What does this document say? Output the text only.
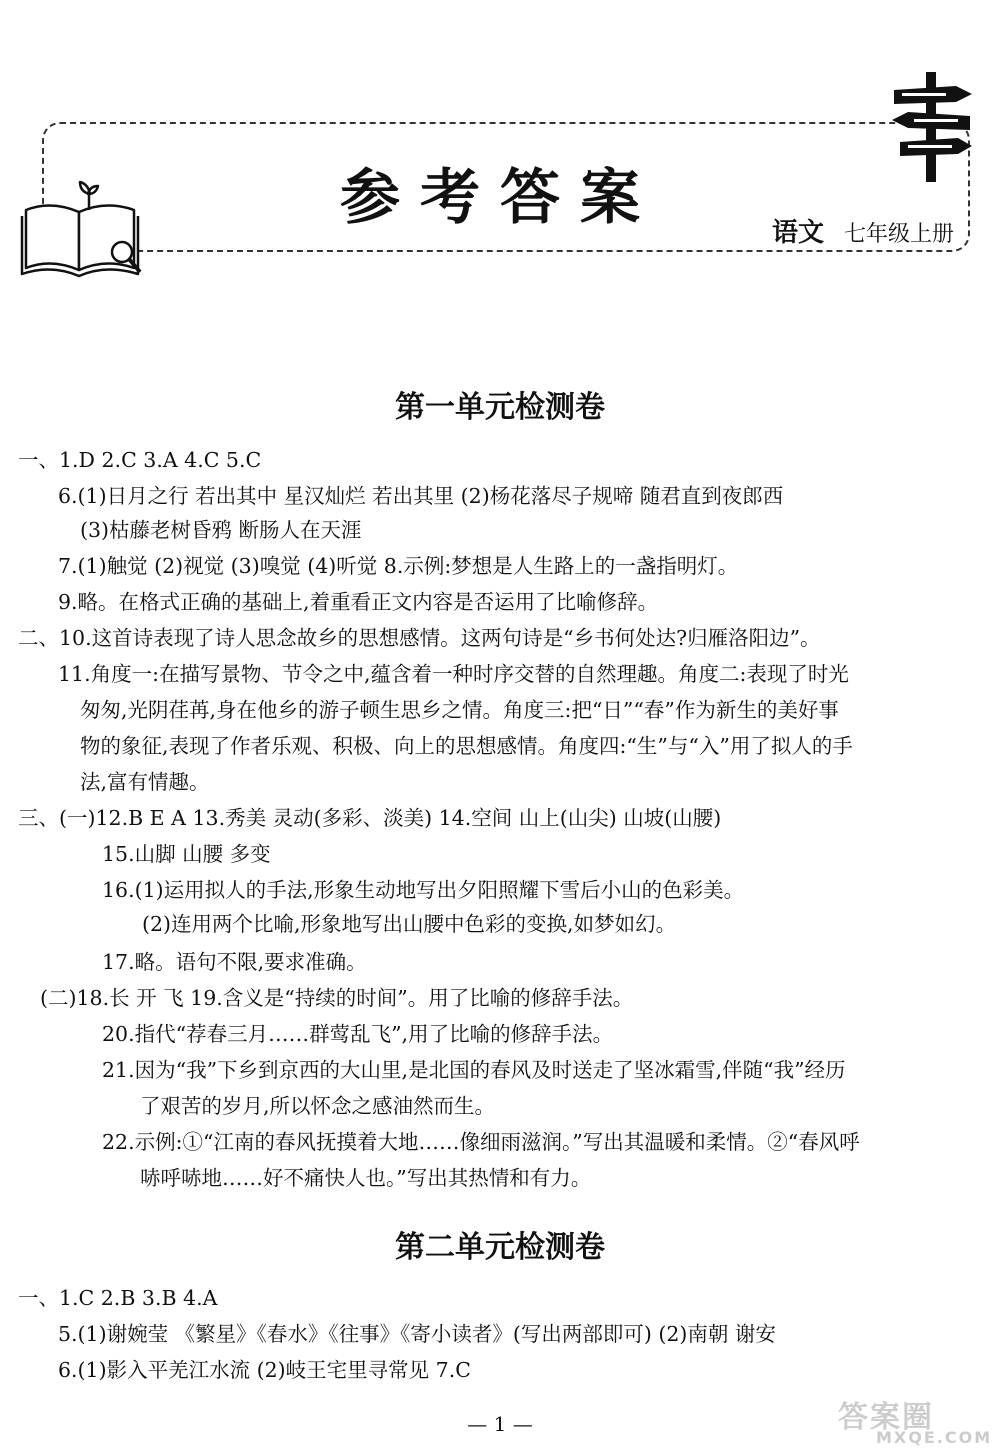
参考答案	语文 七年级上册
第一单元检测卷
一、1.D 2.C 3.A 4.C 5.C
6.(1)日月之行 若出其中 星汉灿烂 若出其里 (2)杨花落尽子规啼 随君直到夜郎西
(3)枯藤老树昏鸦 断肠人在天涯
7.(1)触觉 (2)视觉 (3)嗅觉 (4)听觉 8.示例:梦想是人生路上的一盏指明灯。
9.略。在格式正确的基础上,着重看正文内容是否运用了比喻修辞。
二、10.这首诗表现了诗人思念故乡的思想感情。这两句诗是“乡书何处达?归雁洛阳边”。
11.角度一:在描写景物、节令之中,蕴含着一种时序交替的自然理趣。角度二:表现了时光
匆匆,光阴荏苒,身在他乡的游子顿生思乡之情。角度三:把“日”“春”作为新生的美好事
物的象征,表现了作者乐观、积极、向上的思想感情。角度四:“生”与“入”用了拟人的手
法,富有情趣。
三、(一)12.B E A 13.秀美 灵动(多彩、淡美) 14.空间 山上(山尖) 山坡(山腰)
15.山脚 山腰 多变
16.(1)运用拟人的手法,形象生动地写出夕阳照耀下雪后小山的色彩美。
(2)连用两个比喻,形象地写出山腰中色彩的变换,如梦如幻。
17.略。语句不限,要求准确。
(二)18.长 开 飞 19.含义是“持续的时间”。用了比喻的修辞手法。
20.指代“荐春三月……群莺乱飞”,用了比喻的修辞手法。
21.因为“我”下乡到京西的大山里,是北国的春风及时送走了坚冰霜雪,伴随“我”经历
了艰苦的岁月,所以怀念之感油然而生。
22.示例:①“江南的春风抚摸着大地……像细雨滋润。”写出其温暖和柔情。②“春风呼
哧呼哧地……好不痛快人也。”写出其热情和有力。
第二单元检测卷
一、1.C 2.B 3.B 4.A
5.(1)谢婉莹 《繁星》《春水》《往事》《寄小读者》(写出两部即可) (2)南朝 谢安
6.(1)影入平羌江水流 (2)岐王宅里寻常见 7.C
— 1 —	答案圈
MXQE.COM
